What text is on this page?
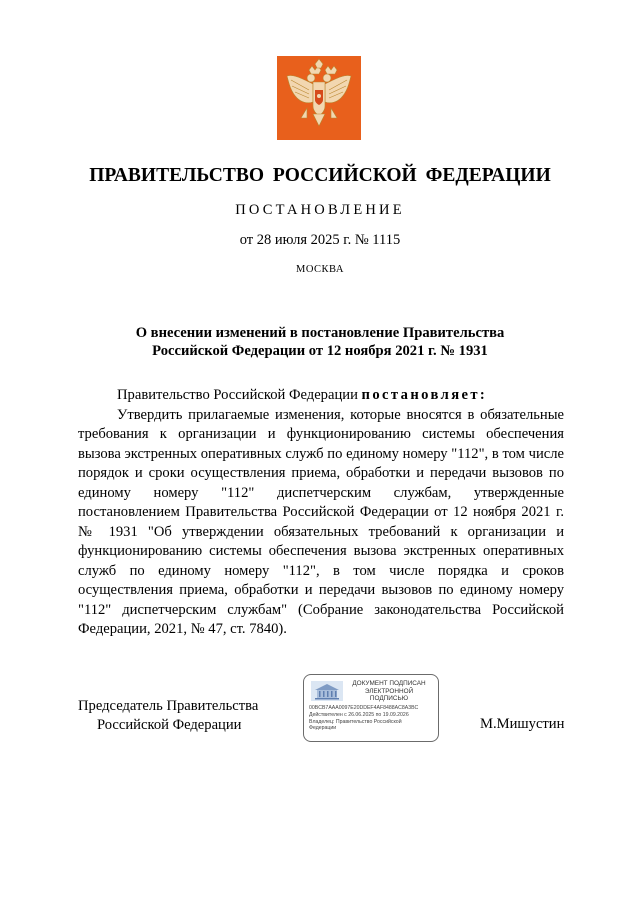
ПРАВИТЕЛЬСТВО РОССИЙСКОЙ ФЕДЕРАЦИИ
ПОСТАНОВЛЕНИЕ
от 28 июля 2025 г. № 1115
МОСКВА
О внесении изменений в постановление Правительства
Российской Федерации от 12 ноября 2021 г. № 1931

Правительство Российской Федерации постановляет:

Утвердить прилагаемые изменения, которые вносятся в обязательные требования к организации и функционированию системы обеспечения вызова экстренных оперативных служб по единому номеру "112", в том числе порядок и сроки осуществления приема, обработки и передачи вызовов по единому номеру "112" диспетчерским службам, утвержденные постановлением Правительства Российской Федерации от 12 ноября 2021 г. № 1931 "Об утверждении обязательных требований к организации и функционированию системы обеспечения вызова экстренных оперативных служб по единому номеру "112", в том числе порядка и сроков осуществления приема, обработки и передачи вызовов по единому номеру "112" диспетчерским службам" (Собрание законодательства Российской Федерации, 2021, № 47, ст. 7840).

Председатель Правительства
Российской Федерации
ДОКУМЕНТ ПОДПИСАН
ЭЛЕКТРОННОЙ ПОДПИСЬЮ
00BCB7AAA0097E20DDEF4AF8488AC8A3BC
Действителен с 26.06.2025 по 19.09.2026
Владелец: Правительство Российской
Федерации	М.Мишустин
